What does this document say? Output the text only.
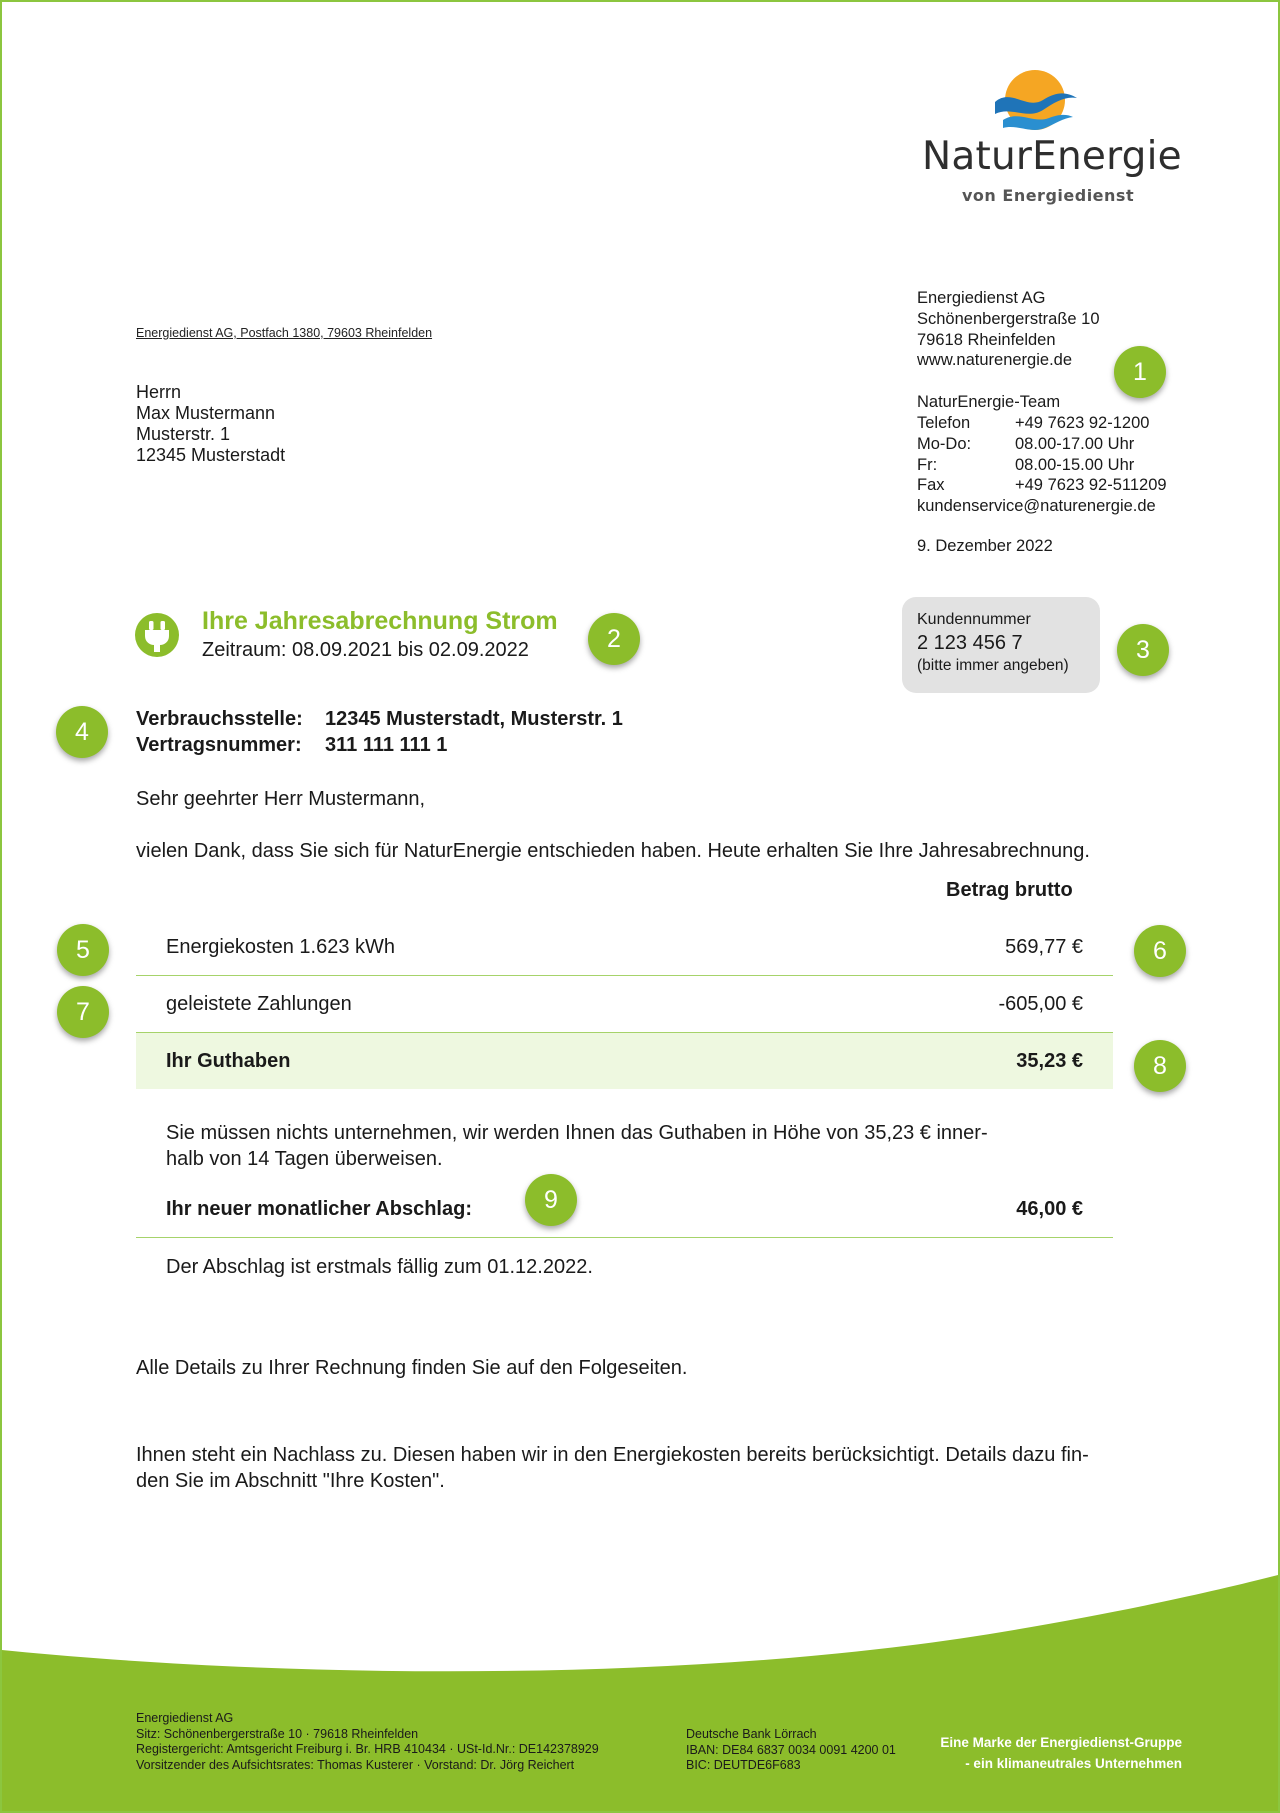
NaturEnergie
von Energiedienst
Energiedienst AG, Postfach 1380, 79603 Rheinfelden
Herrn
Max Mustermann
Musterstr. 1
12345 Musterstadt
Energiedienst AG
Schönenbergerstraße 10
79618 Rheinfelden
www.naturenergie.de
NaturEnergie-Team
Telefon	+49 7623 92-1200
Mo-Do:	08.00-17.00 Uhr
Fr:	08.00-15.00 Uhr
Fax	+49 7623 92-511209
kundenservice@naturenergie.de
9. Dezember 2022
1
2	3
4
5	6
7
8
9
Ihre Jahresabrechnung Strom
Zeitraum: 08.09.2021 bis 02.09.2022
Kundennummer
2 123 456 7
(bitte immer angeben)
Verbrauchsstelle:	12345 Musterstadt, Musterstr. 1
Vertragsnummer:	311 111 111 1
Sehr geehrter Herr Mustermann,
vielen Dank, dass Sie sich für NaturEnergie entschieden haben. Heute erhalten Sie Ihre Jahresabrechnung.
Betrag brutto
Energiekosten 1.623 kWh	569,77 €
geleistete Zahlungen	-605,00 €
Ihr Guthaben	35,23 €
Sie müssen nichts unternehmen, wir werden Ihnen das Guthaben in Höhe von 35,23 € inner-
halb von 14 Tagen überweisen.
Ihr neuer monatlicher Abschlag:	46,00 €
Der Abschlag ist erstmals fällig zum 01.12.2022.
Alle Details zu Ihrer Rechnung finden Sie auf den Folgeseiten.
Ihnen steht ein Nachlass zu. Diesen haben wir in den Energiekosten bereits berücksichtigt. Details dazu fin-
den Sie im Abschnitt "Ihre Kosten".
Energiedienst AG
Sitz: Schönenbergerstraße 10 · 79618 Rheinfelden
Registergericht: Amtsgericht Freiburg i. Br. HRB 410434 · USt-Id.Nr.: DE142378929
Vorsitzender des Aufsichtsrates: Thomas Kusterer · Vorstand: Dr. Jörg Reichert
Deutsche Bank Lörrach
IBAN: DE84 6837 0034 0091 4200 01
BIC: DEUTDE6F683
Eine Marke der Energiedienst-Gruppe
- ein klimaneutrales Unternehmen
